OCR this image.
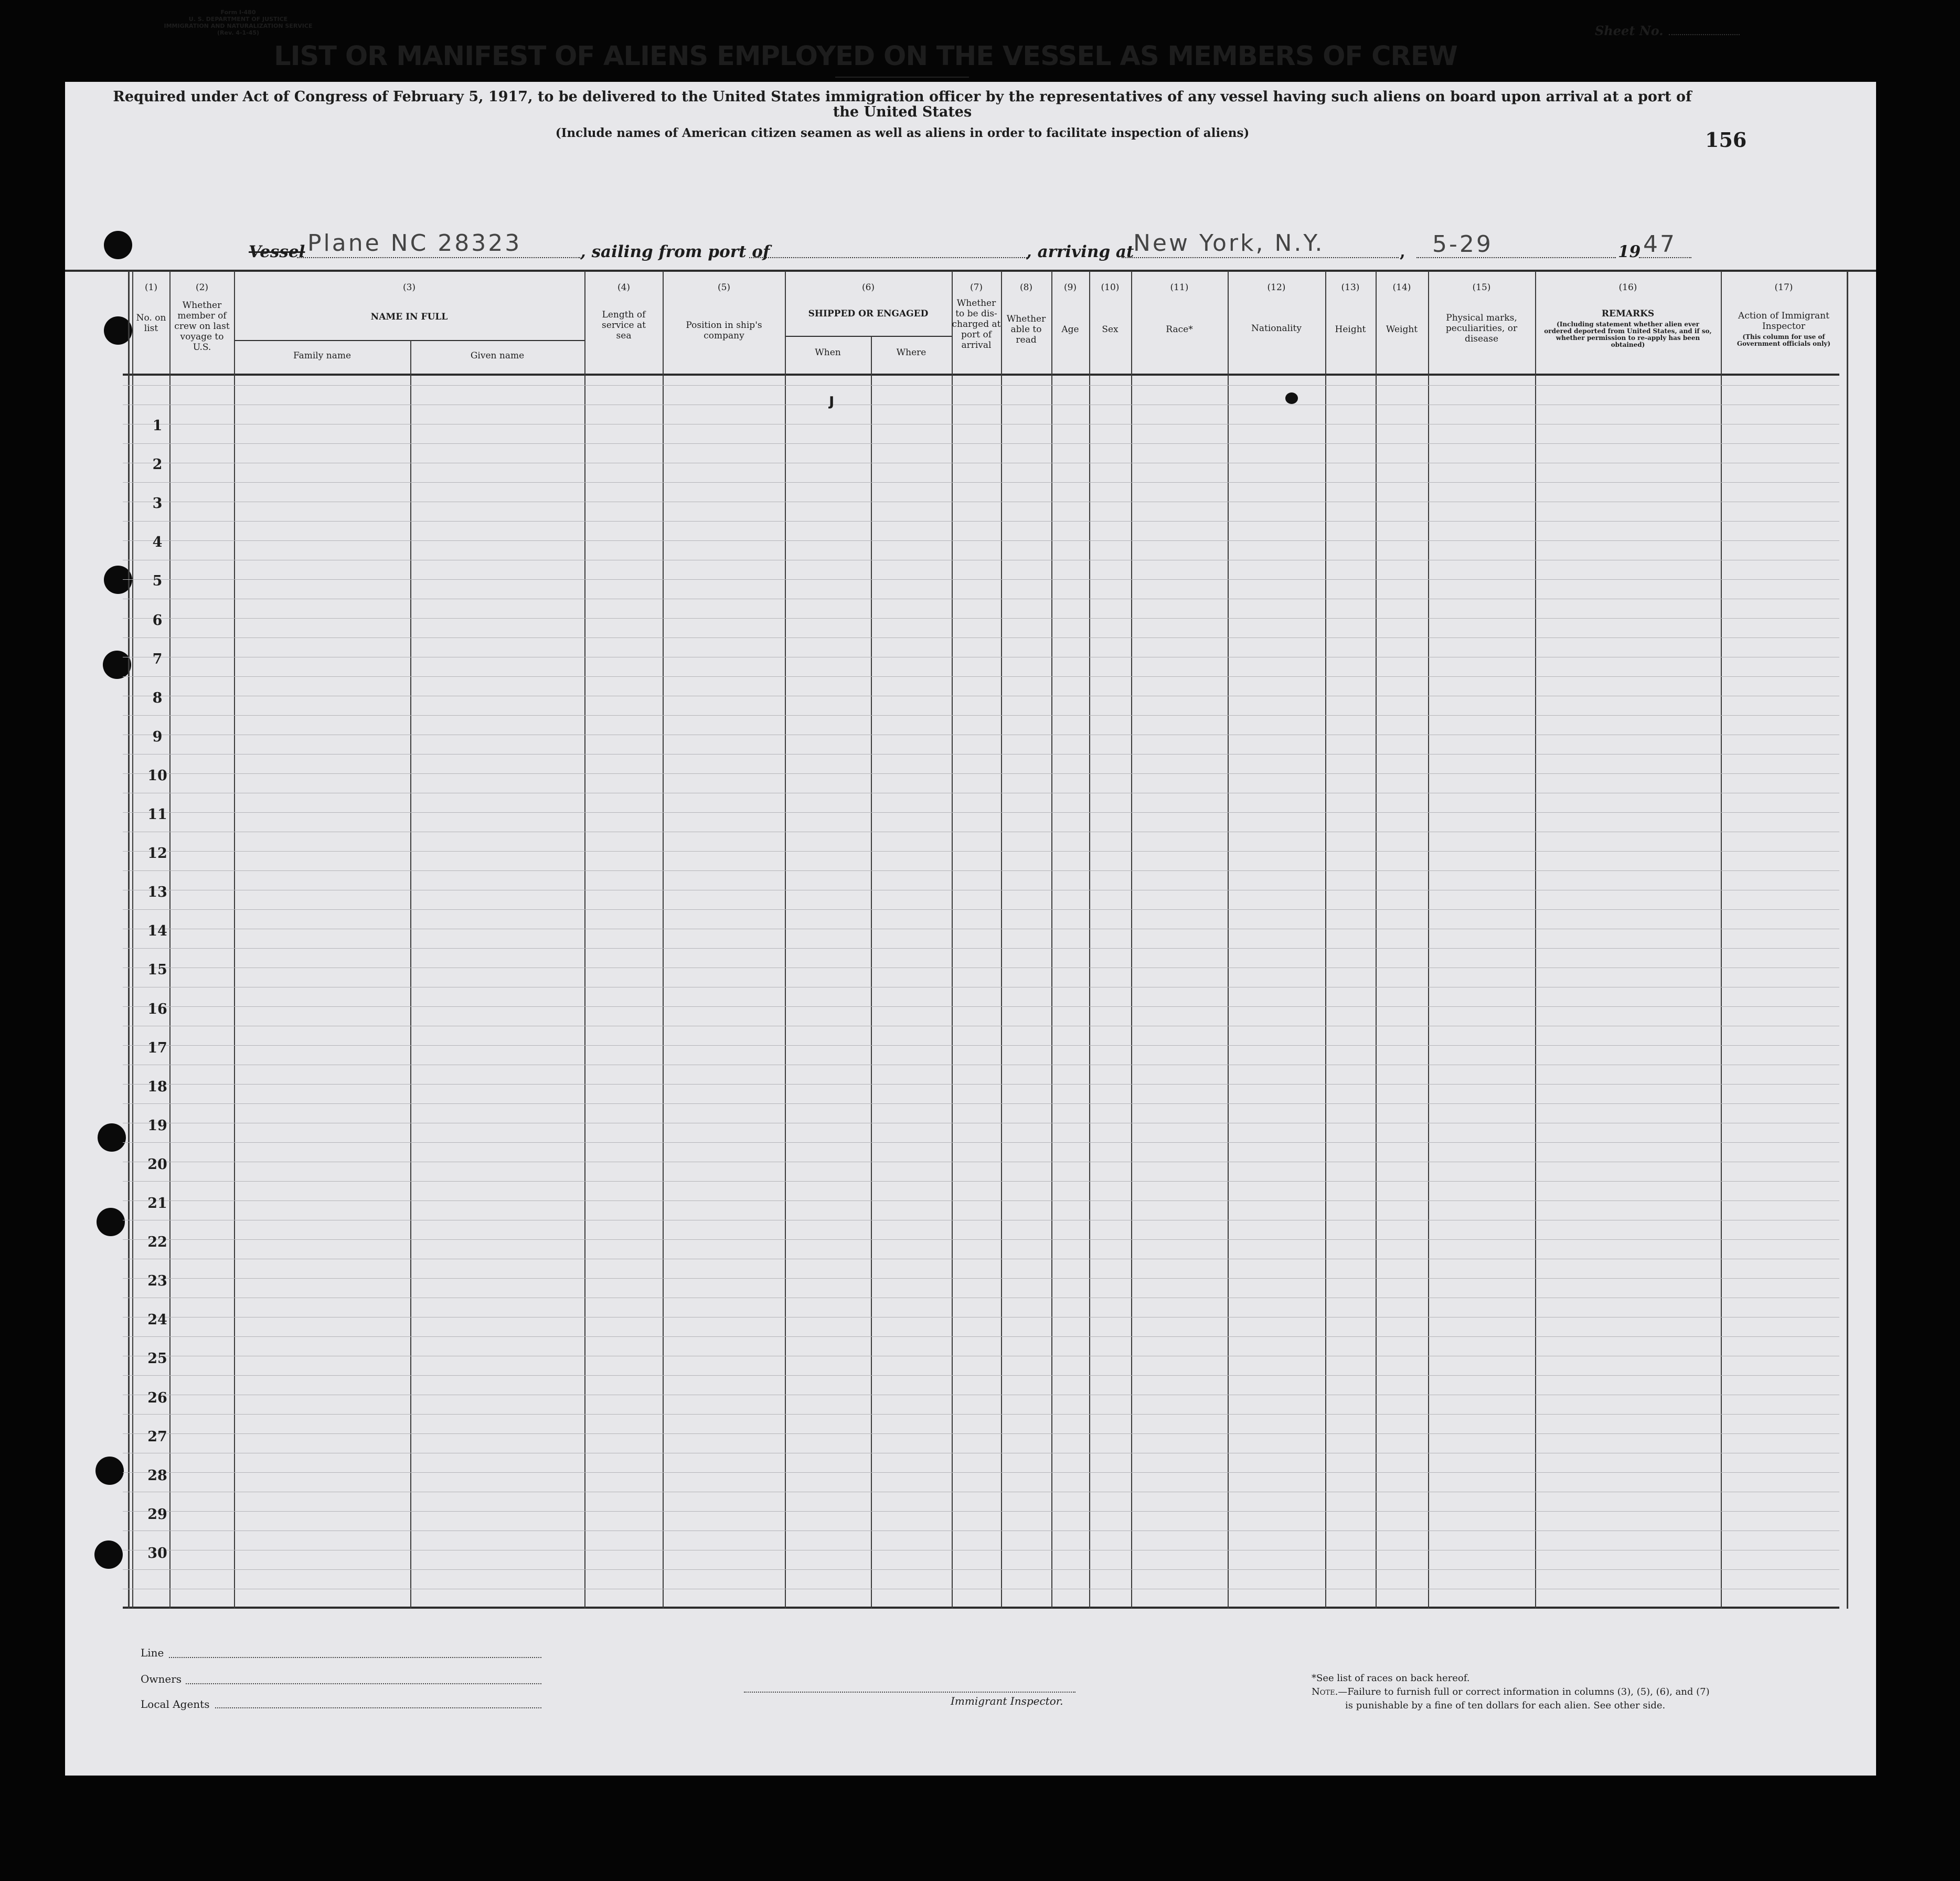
Form I-480
U. S. DEPARTMENT OF JUSTICE
IMMIGRATION AND NATURALIZATION SERVICE
(Rev. 4-1-45)	Sheet No.
LIST OR MANIFEST OF ALIENS EMPLOYED ON THE VESSEL AS MEMBERS OF CREW
Required under Act of Congress of February 5, 1917, to be delivered to the United States immigration officer by the representatives of any vessel having such aliens on board upon arrival at a port of the United States
(Include names of American citizen seamen as well as aliens in order to facilitate inspection of aliens)	156
Vessel Plane NC 28323	, sailing from port of	, arriving at
New York, N.Y.	, 5-29	19 47
(1)
No. on list
(2)
Whether member of crew on last voyage to U.S.
(3)
NAME IN FULL
Family name	Given name
(4)
Length of service at sea
(5)
Position in ship's company
(6)
SHIPPED OR ENGAGED
When	Where
(7)
Whether to be dis-charged at port of arrival
(8)
Whether able to read
(9)
Age
(10)
Sex
(11)
Race*
(12)
Nationality
(13)
Height
(14)
Weight
(15)
Physical marks, peculiarities, or disease
(16)
REMARKS
(Including statement whether alien ever ordered deported from United States, and if so, whether permission to re-apply has been obtained)
(17)
Action of Immigrant Inspector
(This column for use of Government officials only)
1
2
3
4
5
6
7
8
9
10
11
12
13
14
15
16
17
18
19
20
21
22
23
24
25
26
27
28
29
30
ȷ
Line
Owners
Local Agents	Immigrant Inspector.
*See list of races on back hereof.
Note.—Failure to furnish full or correct information in columns (3), (5), (6), and (7)
is punishable by a fine of ten dollars for each alien. See other side.
